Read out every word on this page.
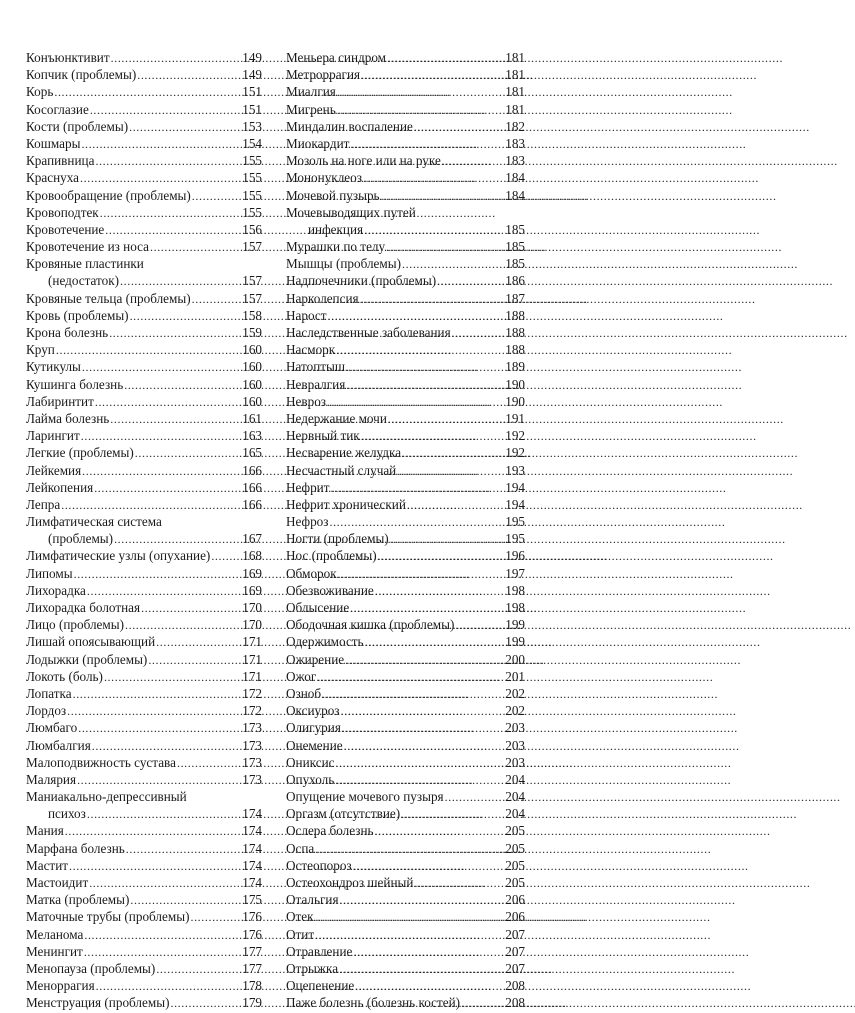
Конъюнктивит . . .	149
Копчик (проблемы) . . .	149
Корь . . .	151
Косоглазие . . .	151
Кости (проблемы) . . .	153
Кошмары . . .	154
Крапивница . . .	155
Краснуха . . .	155
Кровообращение (проблемы) . . .	155
Кровоподтек . . .	155
Кровотечение . . .	156
Кровотечение из носа . . .	157
Кровяные пластинки
(недостаток) . . .	157
Кровяные тельца (проблемы) . . .	157
Кровь (проблемы) . . .	158
Крона болезнь . . .	159
Круп . . .	160
Кутикулы . . .	160
Кушинга болезнь . . .	160
Лабиринтит . . .	160
Лайма болезнь . . .	161
Ларингит . . .	163
Легкие (проблемы) . . .	165
Лейкемия . . .	166
Лейкопения . . .	166
Лепра . . .	166
Лимфатическая система
(проблемы) . . .	167
Лимфатические узлы (опухание) . . . 168
Липомы . . .	169
Лихорадка . . .	169
Лихорадка болотная . . .	170
Лицо (проблемы) . . .	170
Лишай опоясывающий . . .	171
Лодыжки (проблемы) . . .	171
Локоть (боль) . . .	171
Лопатка . . .	172
Лордоз . . .	172
Люмбаго . . .	173
Люмбалгия . . .	173
Малоподвижность сустава . . .	173
Малярия . . .	173
Маниакально-депрессивный
психоз . . .	174
Мания . . .	174
Марфана болезнь . . .	174
Мастит . . .	174
Мастоидит . . .	174
Матка (проблемы) . . .	175
Маточные трубы (проблемы) . . .	176
Меланома . . .	176
Менингит . . .	177
Менопауза (проблемы) . . .	177
Меноррагия . . .	178
Менструация (проблемы) . . .	179
Меньера синдром . . .	181
Метроррагия . . .	181
Миалгия . . .	181
Мигрень . . .	181
Миндалин воспаление . . .	182
Миокардит . . .	183
Мозоль на ноге или на руке . . .	183
Мононуклеоз . . .	184
Мочевой пузырь . . .	184
Мочевыводящих путей
инфекция . . .	185
Мурашки по телу . . .	185
Мышцы (проблемы) . . .	185
Надпочечники (проблемы) . . .	186
Нарколепсия . . .	187
Нарост . . .	188
Наследственные заболевания . . .	188
Насморк . . .	188
Натоптыш . . .	189
Невралгия . . .	190
Невроз . . .	190
Недержание мочи . . .	191
Нервный тик . . .	192
Несварение желудка . . .	192
Несчастный случай . . .	193
Нефрит . . .	194
Нефрит хронический . . .	194
Нефроз . . .	195
Ногти (проблемы) . . .	195
Нос (проблемы) . . .	196
Обморок . . .	197
Обезвоживание . . .	198
Облысение . . .	198
Ободочная кишка (проблемы) . . .	199
Одержимость . . .	199
Ожирение . . .	200
Ожог . . .	201
Озноб . . .	202
Оксиуроз . . .	202
Олигурия . . .	203
Онемение . . .	203
Ониксис . . .	203
Опухоль . . .	204
Опущение мочевого пузыря . . .	204
Оргазм (отсутствие) . . .	204
Ослера болезнь . . .	205
Оспа . . .	205
Остеопороз . . .	205
Остеохондроз шейный . . .	205
Отальгия . . .	206
Отек . . .	206
Отит . . .	207
Отравление . . .	207
Отрыжка . . .	207
Оцепенение . . .	208
Паже болезнь (болезнь костей) . . .	208
